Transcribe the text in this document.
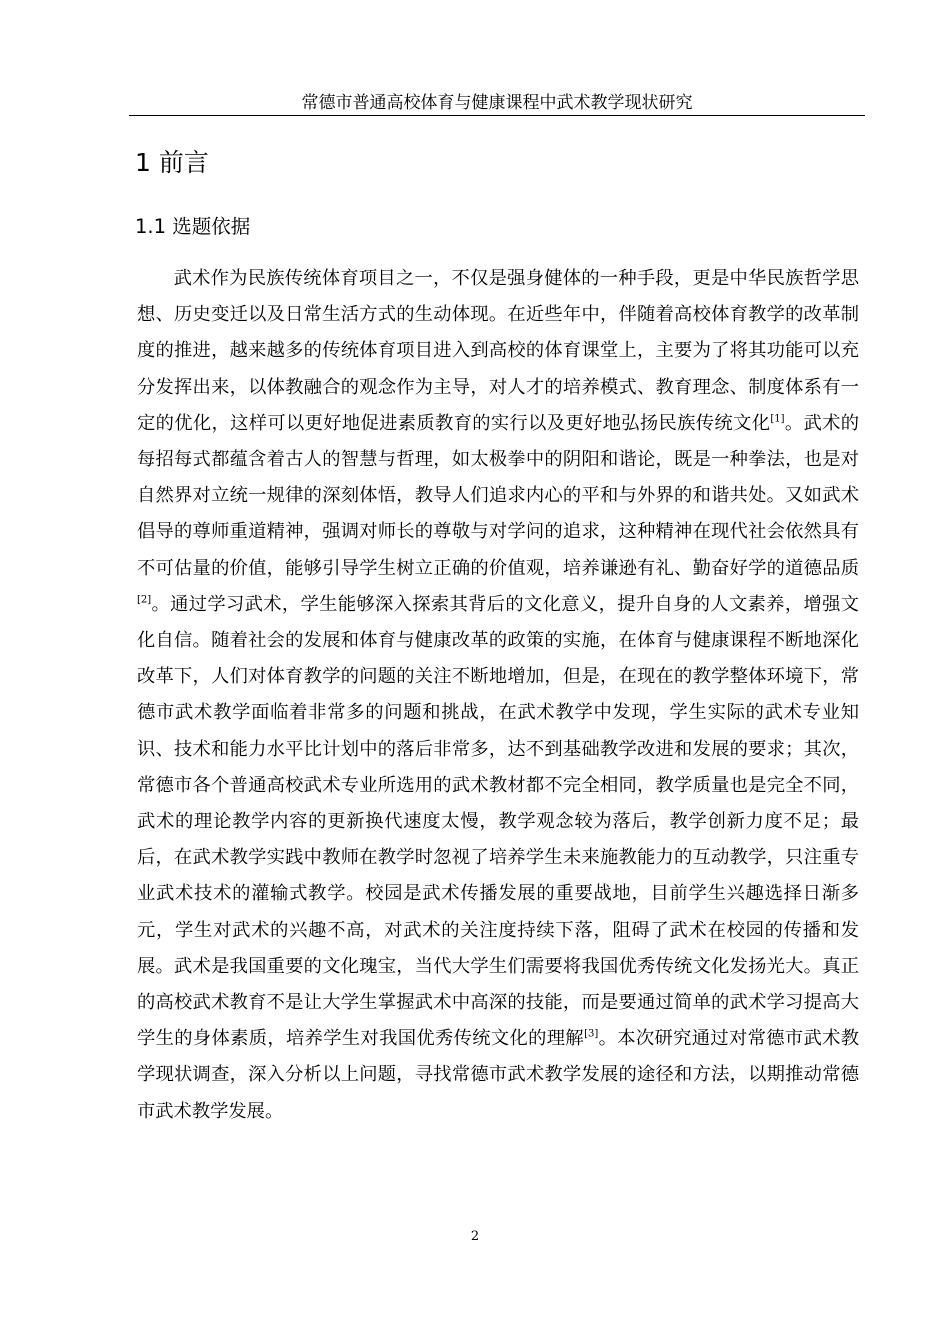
常德市普通高校体育与健康课程中武术教学现状研究
1 前言
1.1 选题依据

武术作为民族传统体育项目之一，不仅是强身健体的一种手段，更是中华民族哲学思想、历史变迁以及日常生活方式的生动体现。在近些年中，伴随着高校体育教学的改革制度的推进，越来越多的传统体育项目进入到高校的体育课堂上，主要为了将其功能可以充分发挥出来，以体教融合的观念作为主导，对人才的培养模式、教育理念、制度体系有一定的优化，这样可以更好地促进素质教育的实行以及更好地弘扬民族传统文化[1]。武术的每招每式都蕴含着古人的智慧与哲理，如太极拳中的阴阳和谐论，既是一种拳法，也是对自然界对立统一规律的深刻体悟，教导人们追求内心的平和与外界的和谐共处。又如武术倡导的尊师重道精神，强调对师长的尊敬与对学问的追求，这种精神在现代社会依然具有不可估量的价值，能够引导学生树立正确的价值观，培养谦逊有礼、勤奋好学的道德品质[2]。通过学习武术，学生能够深入探索其背后的文化意义，提升自身的人文素养，增强文化自信。随着社会的发展和体育与健康改革的政策的实施，在体育与健康课程不断地深化改革下，人们对体育教学的问题的关注不断地增加，但是，在现在的教学整体环境下，常德市武术教学面临着非常多的问题和挑战，在武术教学中发现，学生实际的武术专业知识、技术和能力水平比计划中的落后非常多，达不到基础教学改进和发展的要求；其次，常德市各个普通高校武术专业所选用的武术教材都不完全相同，教学质量也是完全不同，武术的理论教学内容的更新换代速度太慢，教学观念较为落后，教学创新力度不足；最后，在武术教学实践中教师在教学时忽视了培养学生未来施教能力的互动教学，只注重专业武术技术的灌输式教学。校园是武术传播发展的重要战地，目前学生兴趣选择日渐多元，学生对武术的兴趣不高，对武术的关注度持续下落，阻碍了武术在校园的传播和发展。武术是我国重要的文化瑰宝，当代大学生们需要将我国优秀传统文化发扬光大。真正的高校武术教育不是让大学生掌握武术中高深的技能，而是要通过简单的武术学习提高大学生的身体素质，培养学生对我国优秀传统文化的理解[3]。本次研究通过对常德市武术教学现状调查，深入分析以上问题，寻找常德市武术教学发展的途径和方法，以期推动常德市武术教学发展。

2
